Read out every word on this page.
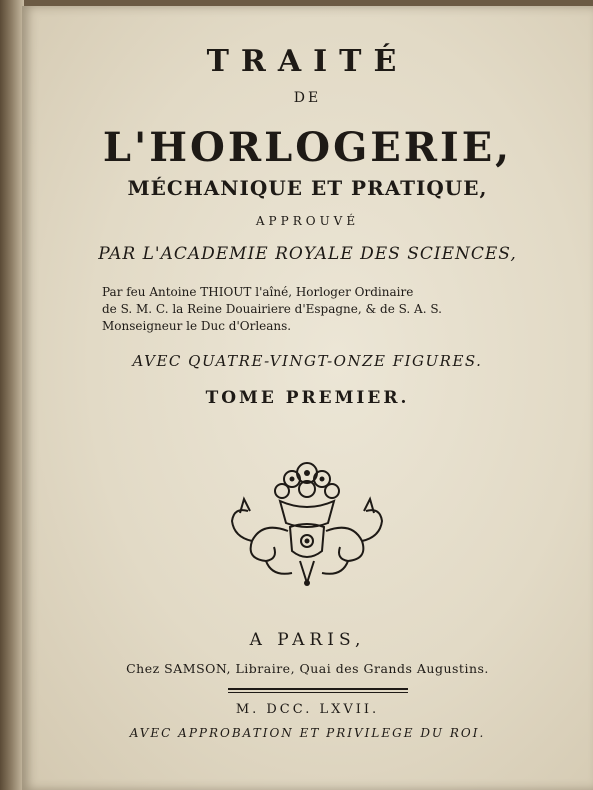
TRAITÉ
DE
L'HORLOGERIE,
MÉCHANIQUE ET PRATIQUE,
APPROUVÉ
PAR L'ACADEMIE ROYALE DES SCIENCES,
Par feu Antoine THIOUT l'aîné, Horloger Ordinaire
de S. M. C. la Reine Douairiere d'Espagne, & de S. A. S.
Monseigneur le Duc d'Orleans.
AVEC QUATRE-VINGT-ONZE FIGURES.
TOME PREMIER.
A PARIS,
Chez SAMSON, Libraire, Quai des Grands Augustins.
M. DCC. LXVII.
AVEC APPROBATION ET PRIVILEGE DU ROI.
